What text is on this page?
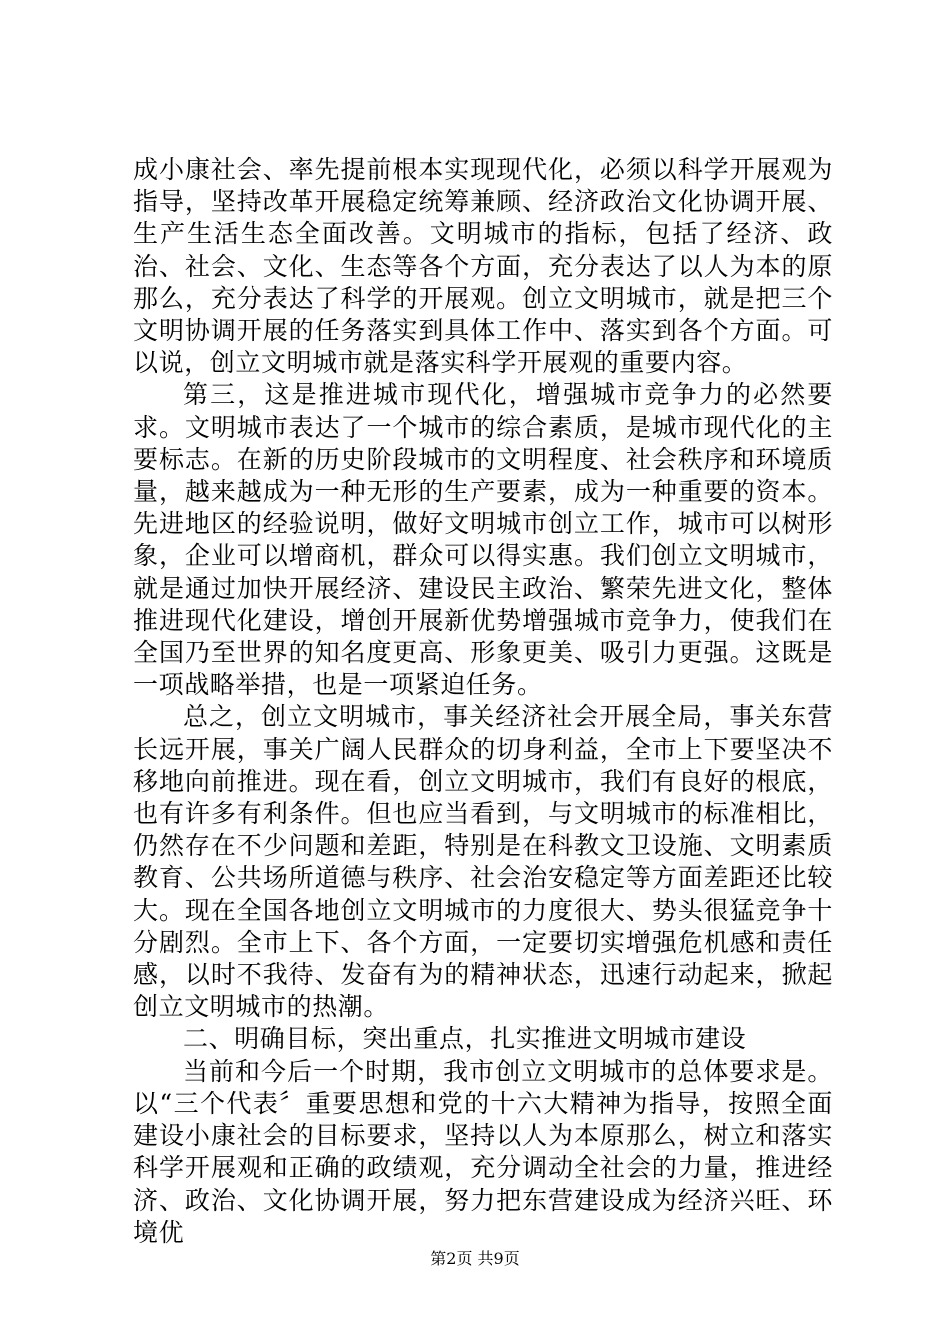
成小康社会、率先提前根本实现现代化，必须以科学开展观为指导，坚持改革开展稳定统筹兼顾、经济政治文化协调开展、生产生活生态全面改善。文明城市的指标，包括了经济、政治、社会、文化、生态等各个方面，充分表达了以人为本的原那么，充分表达了科学的开展观。创立文明城市，就是把三个文明协调开展的任务落实到具体工作中、落实到各个方面。可以说，创立文明城市就是落实科学开展观的重要内容。

第三，这是推进城市现代化，增强城市竞争力的必然要求。文明城市表达了一个城市的综合素质，是城市现代化的主要标志。在新的历史阶段城市的文明程度、社会秩序和环境质量，越来越成为一种无形的生产要素，成为一种重要的资本。先进地区的经验说明，做好文明城市创立工作，城市可以树形象，企业可以增商机，群众可以得实惠。我们创立文明城市，就是通过加快开展经济、建设民主政治、繁荣先进文化，整体推进现代化建设，增创开展新优势增强城市竞争力，使我们在全国乃至世界的知名度更高、形象更美、吸引力更强。这既是一项战略举措，也是一项紧迫任务。

总之，创立文明城市，事关经济社会开展全局，事关东营长远开展，事关广阔人民群众的切身利益，全市上下要坚决不移地向前推进。现在看，创立文明城市，我们有良好的根底，也有许多有利条件。但也应当看到，与文明城市的标准相比，仍然存在不少问题和差距，特别是在科教文卫设施、文明素质教育、公共场所道德与秩序、社会治安稳定等方面差距还比较大。现在全国各地创立文明城市的力度很大、势头很猛竞争十分剧烈。全市上下、各个方面，一定要切实增强危机感和责任感，以时不我待、发奋有为的精神状态，迅速行动起来，掀起创立文明城市的热潮。

二、明确目标，突出重点，扎实推进文明城市建设

当前和今后一个时期，我市创立文明城市的总体要求是。以“三个代表〞重要思想和党的十六大精神为指导，按照全面建设小康社会的目标要求，坚持以人为本原那么，树立和落实科学开展观和正确的政绩观，充分调动全社会的力量，推进经济、政治、文化协调开展，努力把东营建设成为经济兴旺、环境优

第2页 共9页
